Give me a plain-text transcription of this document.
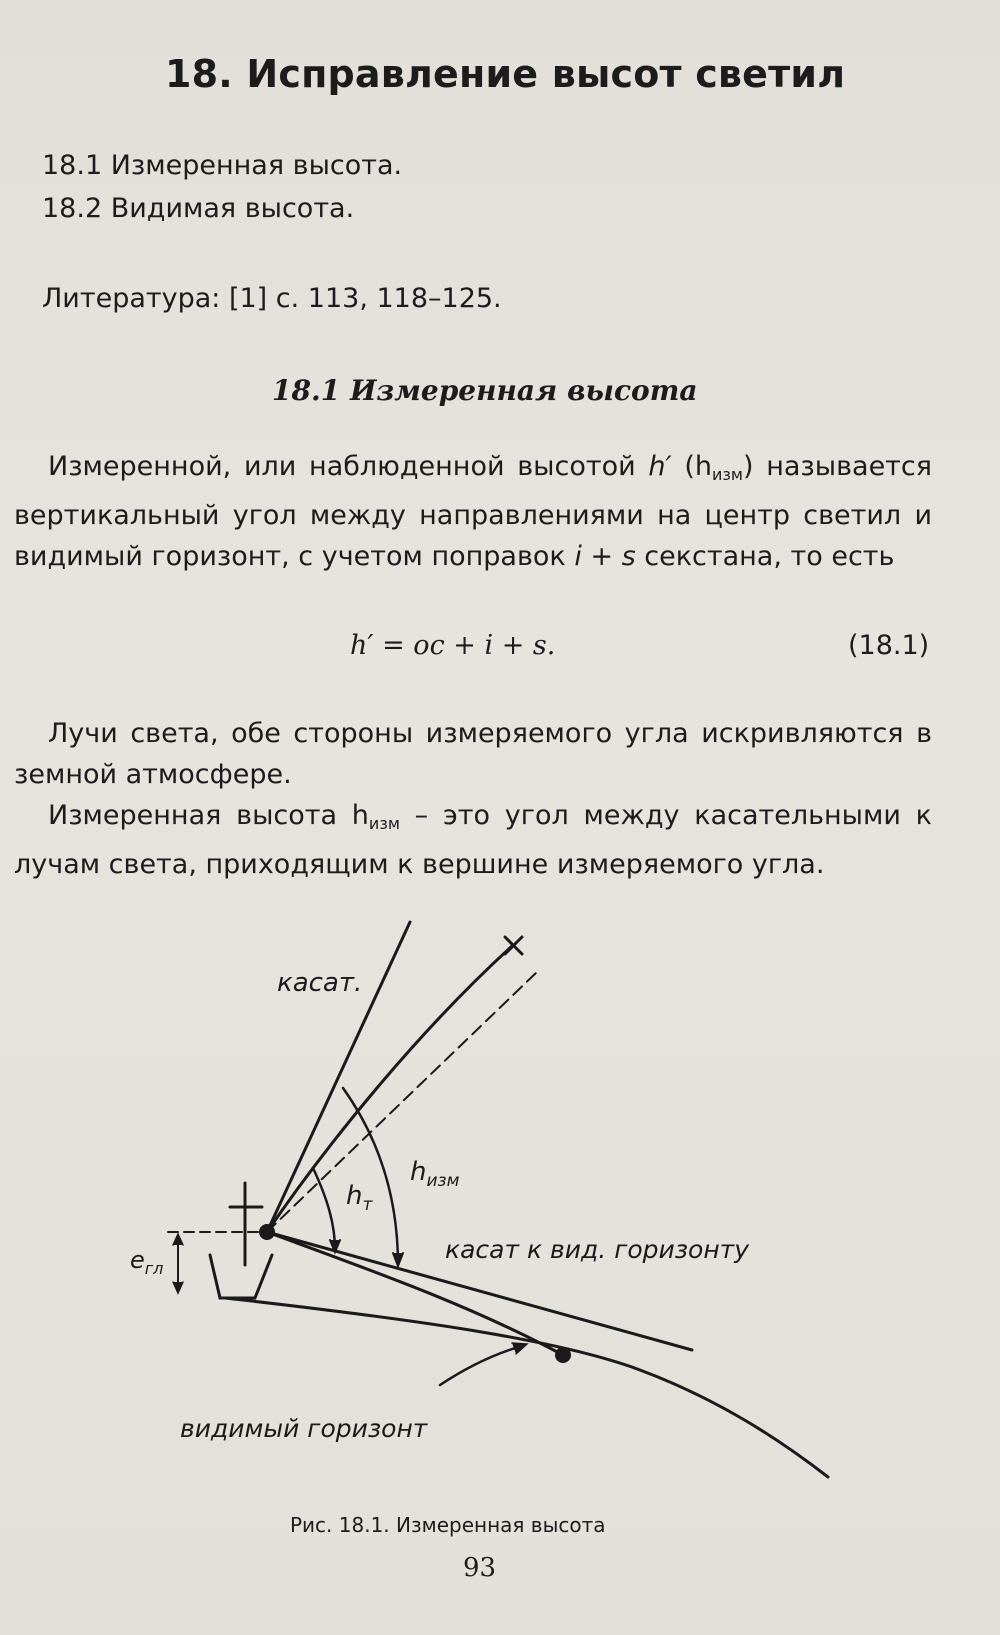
18. Исправление высот светил

18.1 Измеренная высота.

18.2 Видимая высота.

Литература: [1] с. 113, 118–125.

18.1 Измеренная высота

Измеренной, или наблюденной высотой h′ $(h_{изм})$ называется вертикальный угол между направлениями на центр светил и видимый горизонт, с учетом поправок i + s секстана, то есть

h′ = oc + i + s.	(18.1)

Лучи света, обе стороны измеряемого угла искривляются в земной атмосфере.

Измеренная высота $h_{изм}$ – это угол между касательными к лучам света, приходящим к вершине измеряемого угла.

касат.
$h_т$
$h_{изм}$
$e_{гл}$
касат к вид. горизонту
видимый горизонт

Рис. 18.1. Измеренная высота

93
